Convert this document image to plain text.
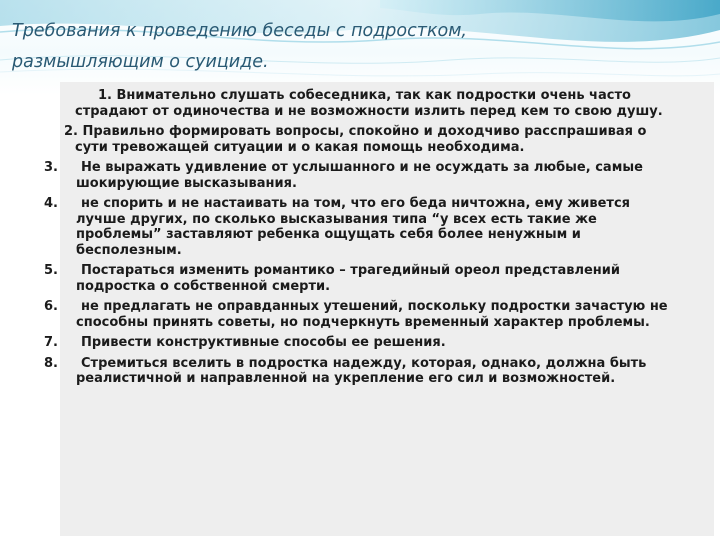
Требования к проведению беседы с подростком, размышляющим о суициде.
1. Внимательно слушать собеседника, так как подростки очень часто страдают от одиночества и не возможности излить перед кем то свою душу.
2. Правильно формировать вопросы, спокойно и доходчиво расспрашивая о сути тревожащей ситуации и о какая помощь необходима.
3.	Не выражать удивление от услышанного и не осуждать за любые, самые шокирующие высказывания.
4.	не спорить и не настаивать на том, что его беда ничтожна, ему живется лучше других, по сколько высказывания типа “у всех есть такие же проблемы” заставляют ребенка ощущать себя более ненужным и бесполезным.
5.	Постараться изменить романтико – трагедийный ореол представлений подростка о собственной смерти.
6.	не предлагать не оправданных утешений, поскольку подростки зачастую не способны принять советы, но подчеркнуть временный характер проблемы.
7.	Привести конструктивные способы ее решения.
8.	Стремиться вселить в подростка надежду, которая, однако, должна быть реалистичной и направленной на укрепление его сил и возможностей.
